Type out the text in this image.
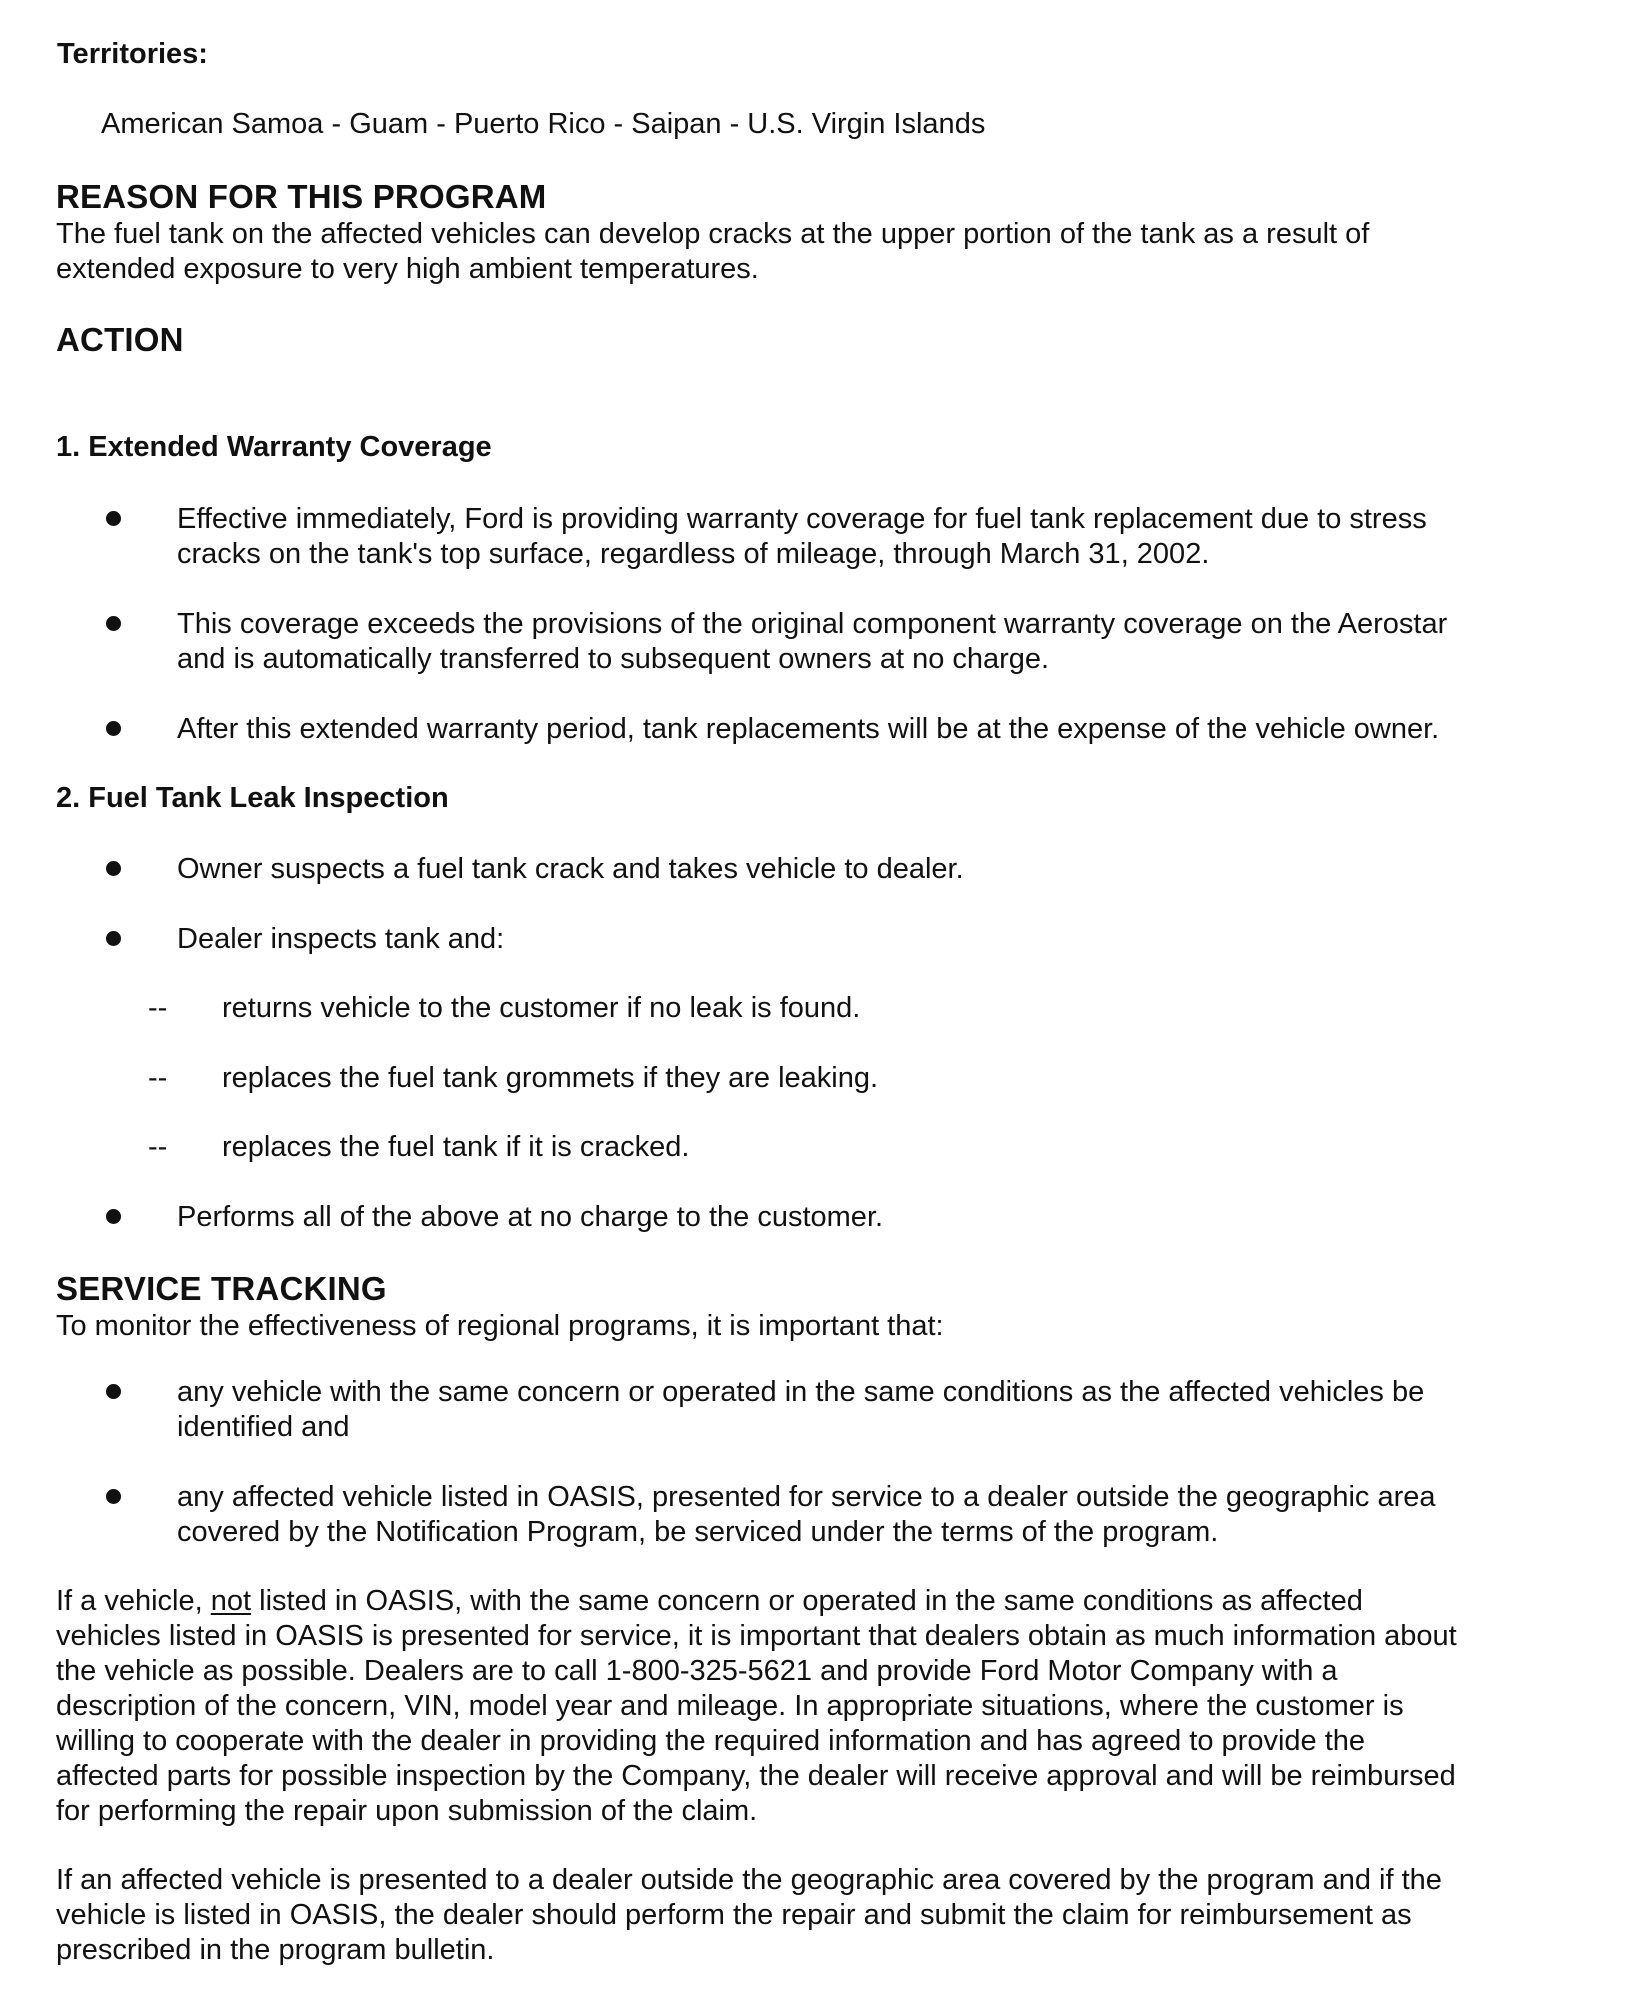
Territories:
American Samoa - Guam - Puerto Rico - Saipan - U.S. Virgin Islands
REASON FOR THIS PROGRAM
The fuel tank on the affected vehicles can develop cracks at the upper portion of the tank as a result of
extended exposure to very high ambient temperatures.
ACTION
1. Extended Warranty Coverage
Effective immediately, Ford is providing warranty coverage for fuel tank replacement due to stress
cracks on the tank's top surface, regardless of mileage, through March 31, 2002.
This coverage exceeds the provisions of the original component warranty coverage on the Aerostar
and is automatically transferred to subsequent owners at no charge.
After this extended warranty period, tank replacements will be at the expense of the vehicle owner.
2. Fuel Tank Leak Inspection
Owner suspects a fuel tank crack and takes vehicle to dealer.
Dealer inspects tank and:
-- returns vehicle to the customer if no leak is found.
-- replaces the fuel tank grommets if they are leaking.
-- replaces the fuel tank if it is cracked.
Performs all of the above at no charge to the customer.
SERVICE TRACKING
To monitor the effectiveness of regional programs, it is important that:
any vehicle with the same concern or operated in the same conditions as the affected vehicles be
identified and
any affected vehicle listed in OASIS, presented for service to a dealer outside the geographic area
covered by the Notification Program, be serviced under the terms of the program.
If a vehicle, not listed in OASIS, with the same concern or operated in the same conditions as affected
vehicles listed in OASIS is presented for service, it is important that dealers obtain as much information about
the vehicle as possible. Dealers are to call 1-800-325-5621 and provide Ford Motor Company with a
description of the concern, VIN, model year and mileage. In appropriate situations, where the customer is
willing to cooperate with the dealer in providing the required information and has agreed to provide the
affected parts for possible inspection by the Company, the dealer will receive approval and will be reimbursed
for performing the repair upon submission of the claim.
If an affected vehicle is presented to a dealer outside the geographic area covered by the program and if the
vehicle is listed in OASIS, the dealer should perform the repair and submit the claim for reimbursement as
prescribed in the program bulletin.
